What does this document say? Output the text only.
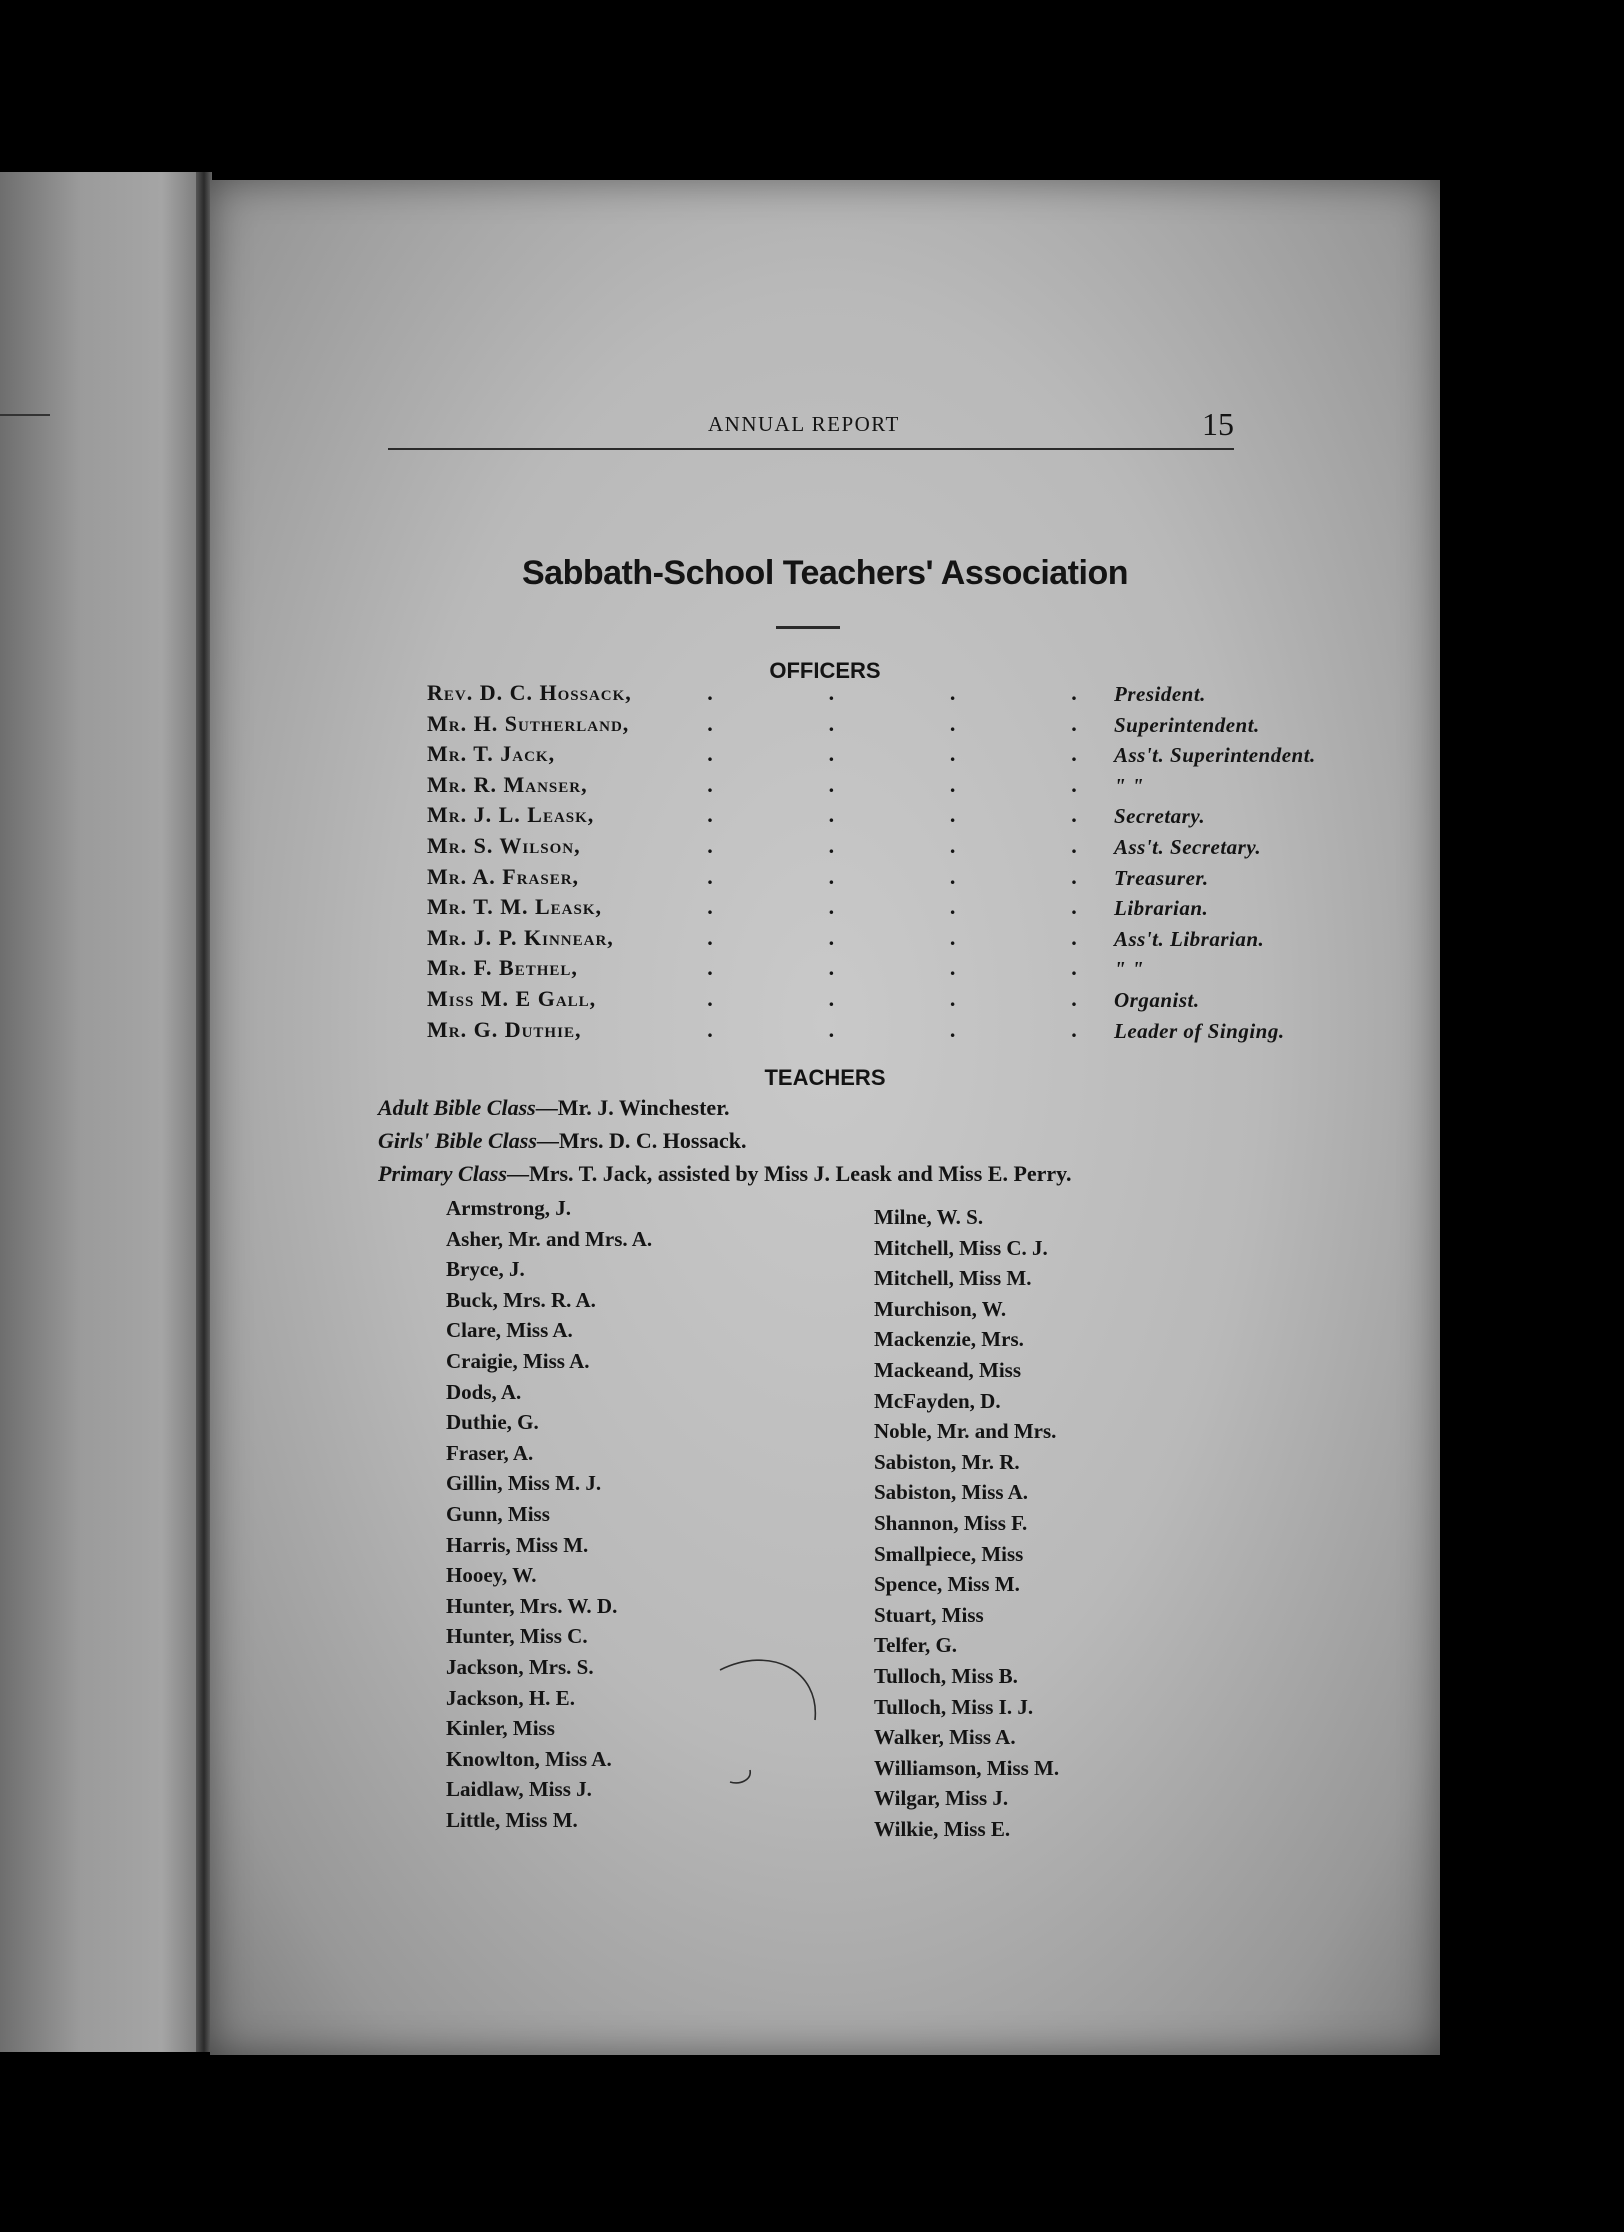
ANNUAL REPORT	15
Sabbath-School Teachers' Association
OFFICERS
Rev. D. C. Hossack,	.	.	.	. President.
Mr. H. Sutherland,	.	.	.	. Superintendent.
Mr. T. Jack,	.	.	.	. Ass't. Superintendent.
Mr. R. Manser,	.	.	.	. " "
Mr. J. L. Leask,	.	.	.	. Secretary.
Mr. S. Wilson,	.	.	.	. Ass't. Secretary.
Mr. A. Fraser,	.	.	.	. Treasurer.
Mr. T. M. Leask,	.	.	.	. Librarian.
Mr. J. P. Kinnear,	.	.	.	. Ass't. Librarian.
Mr. F. Bethel,	.	.	.	. " "
Miss M. E Gall,	.	.	.	. Organist.
Mr. G. Duthie,	.	.	.	. Leader of Singing.
TEACHERS
Adult Bible Class—Mr. J. Winchester.
Girls' Bible Class—Mrs. D. C. Hossack.
Primary Class—Mrs. T. Jack, assisted by Miss J. Leask and Miss E. Perry.
Armstrong, J.
Asher, Mr. and Mrs. A.
Bryce, J.
Buck, Mrs. R. A.
Clare, Miss A.
Craigie, Miss A.
Dods, A.
Duthie, G.
Fraser, A.
Gillin, Miss M. J.
Gunn, Miss
Harris, Miss M.
Hooey, W.
Hunter, Mrs. W. D.
Hunter, Miss C.
Jackson, Mrs. S.
Jackson, H. E.
Kinler, Miss
Knowlton, Miss A.
Laidlaw, Miss J.
Little, Miss M.
Milne, W. S.
Mitchell, Miss C. J.
Mitchell, Miss M.
Murchison, W.
Mackenzie, Mrs.
Mackeand, Miss
McFayden, D.
Noble, Mr. and Mrs.
Sabiston, Mr. R.
Sabiston, Miss A.
Shannon, Miss F.
Smallpiece, Miss
Spence, Miss M.
Stuart, Miss
Telfer, G.
Tulloch, Miss B.
Tulloch, Miss I. J.
Walker, Miss A.
Williamson, Miss M.
Wilgar, Miss J.
Wilkie, Miss E.
